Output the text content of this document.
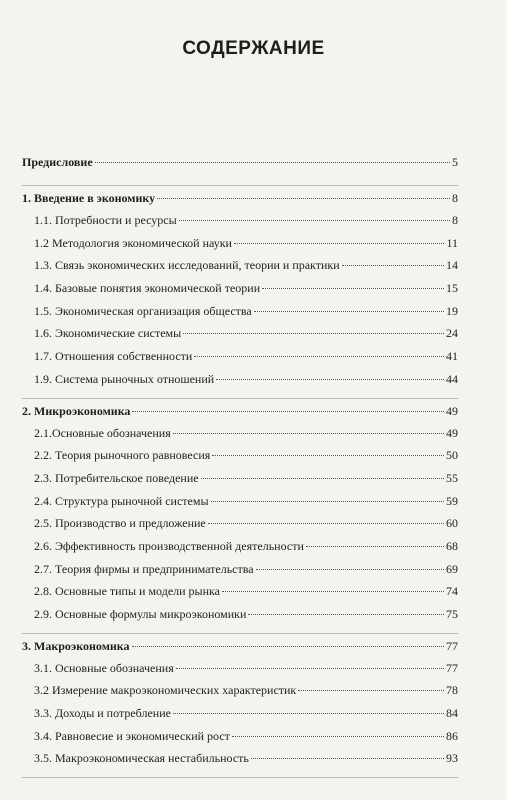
СОДЕРЖАНИЕ
Предисловие	5
1. Введение в экономику	8
1.1. Потребности и ресурсы	8
1.2 Методология экономической науки	11
1.3. Связь экономических исследований, теории и практики	14
1.4. Базовые понятия экономической теории	15
1.5. Экономическая организация общества	19
1.6. Экономические системы	24
1.7. Отношения собственности	41
1.9. Система рыночных отношений	44
2. Микроэкономика	49
2.1.Основные обозначения	49
2.2. Теория рыночного равновесия	50
2.3. Потребительское поведение	55
2.4. Структура рыночной системы	59
2.5. Производство и предложение	60
2.6. Эффективность производственной деятельности	68
2.7. Теория фирмы и предпринимательства	69
2.8. Основные типы и модели рынка	74
2.9. Основные формулы микроэкономики	75
3. Макроэкономика	77
3.1. Основные обозначения	77
3.2 Измерение макроэкономических характеристик	78
3.3. Доходы и потребление	84
3.4. Равновесие и экономический рост	86
3.5. Макроэкономическая нестабильность	93
